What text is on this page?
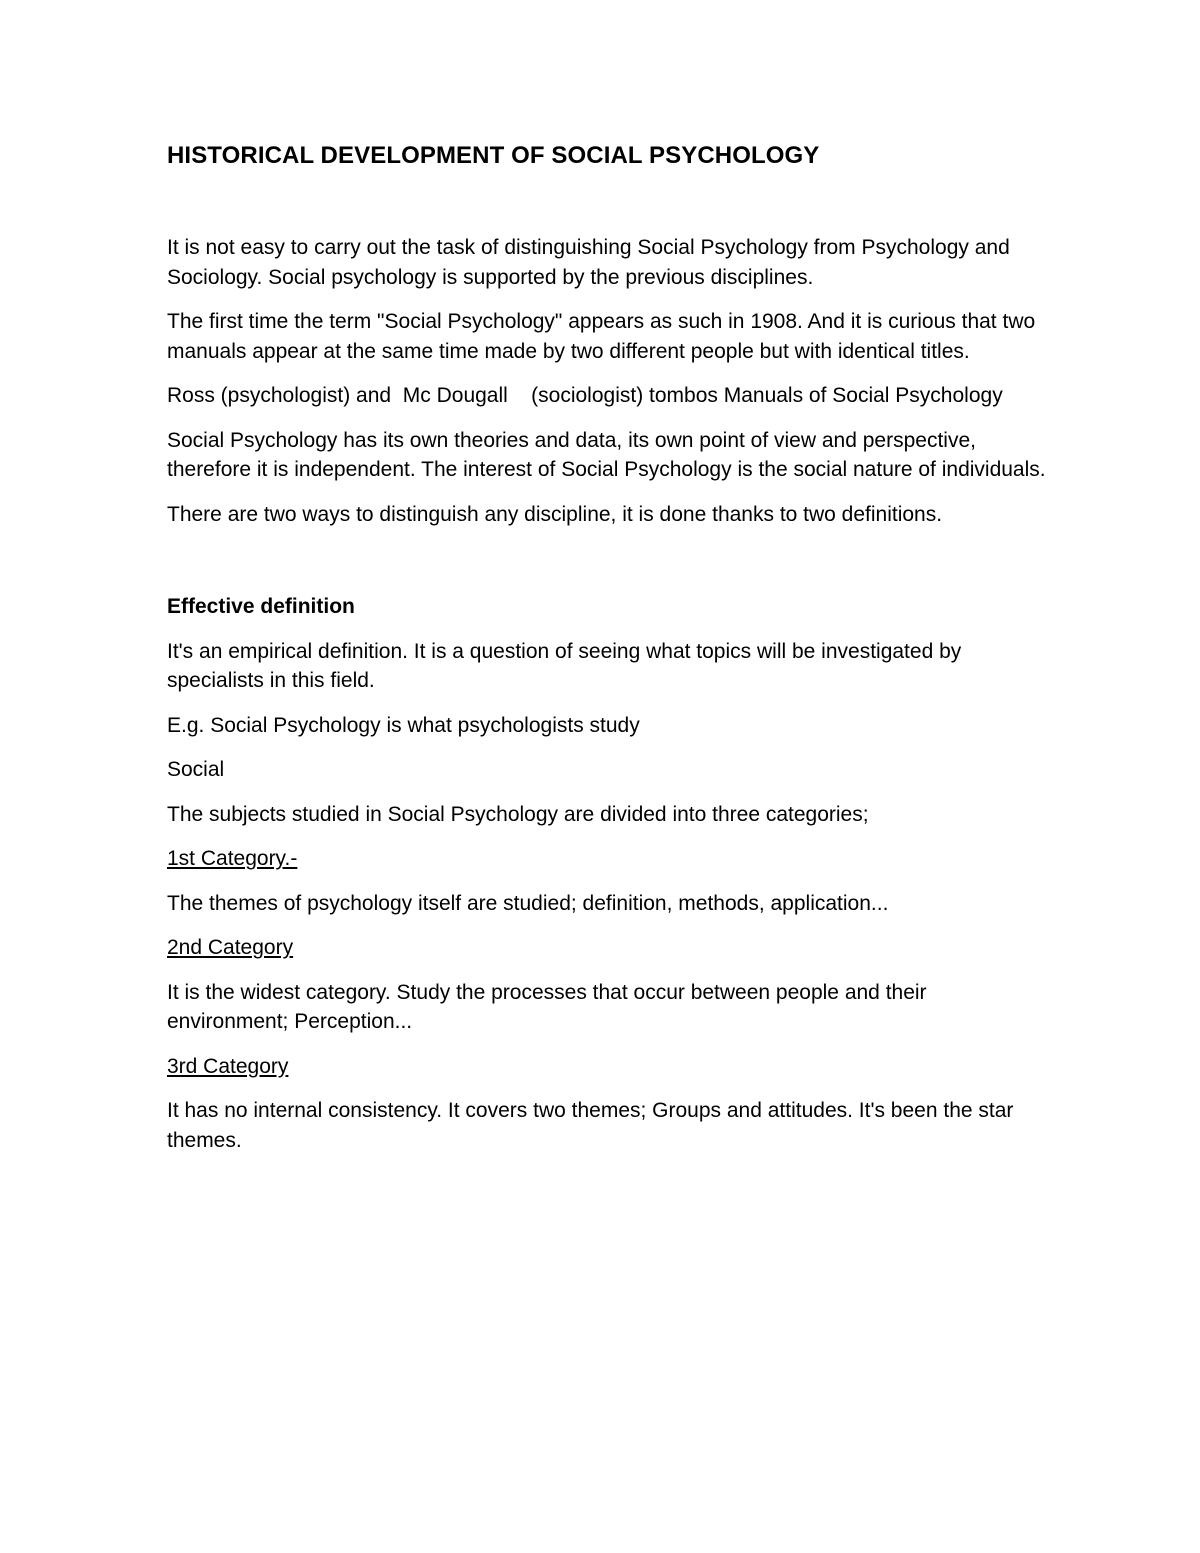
HISTORICAL DEVELOPMENT OF SOCIAL PSYCHOLOGY

It is not easy to carry out the task of distinguishing Social Psychology from Psychology and Sociology. Social psychology is supported by the previous disciplines.

The first time the term "Social Psychology" appears as such in 1908. And it is curious that two manuals appear at the same time made by two different people but with identical titles.

Ross (psychologist) and  Mc Dougall    (sociologist) tombos Manuals of Social Psychology

Social Psychology has its own theories and data, its own point of view and perspective, therefore it is independent. The interest of Social Psychology is the social nature of individuals.

There are two ways to distinguish any discipline, it is done thanks to two definitions.

Effective definition

It's an empirical definition. It is a question of seeing what topics will be investigated by specialists in this field.

E.g. Social Psychology is what psychologists study

Social

The subjects studied in Social Psychology are divided into three categories;

1st Category.-

The themes of psychology itself are studied; definition, methods, application...

2nd Category

It is the widest category. Study the processes that occur between people and their environment; Perception...

3rd Category

It has no internal consistency. It covers two themes; Groups and attitudes. It's been the star themes.
